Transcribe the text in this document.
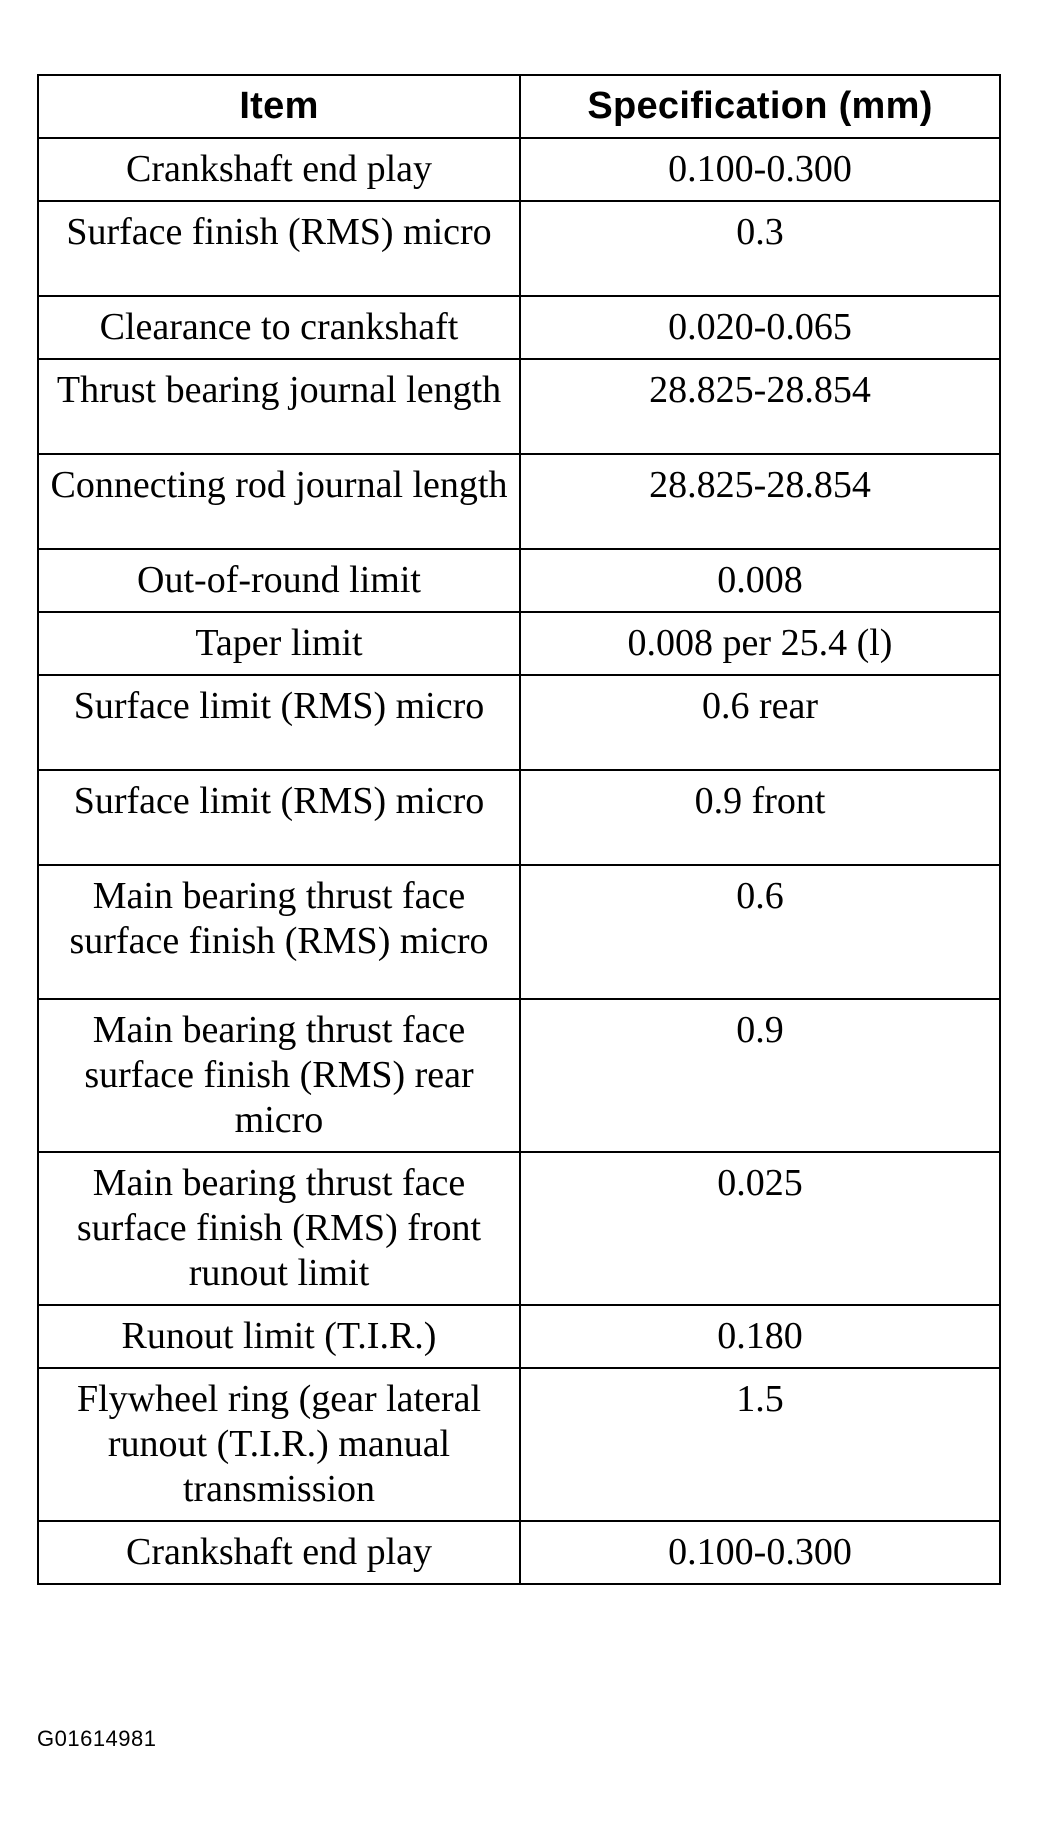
Item	Specification (mm)
Crankshaft end play	0.100-0.300
Surface finish (RMS) micro	0.3
Clearance to crankshaft	0.020-0.065
Thrust bearing journal length	28.825-28.854
Connecting rod journal length	28.825-28.854
Out-of-round limit	0.008
Taper limit	0.008 per 25.4 (l)
Surface limit (RMS) micro	0.6 rear
Surface limit (RMS) micro	0.9 front
Main bearing thrust face surface finish (RMS) micro	0.6
Main bearing thrust face surface finish (RMS) rear micro	0.9
Main bearing thrust face surface finish (RMS) front runout limit	0.025
Runout limit (T.I.R.)	0.180
Flywheel ring (gear lateral runout (T.I.R.) manual transmission	1.5
Crankshaft end play	0.100-0.300
G01614981
